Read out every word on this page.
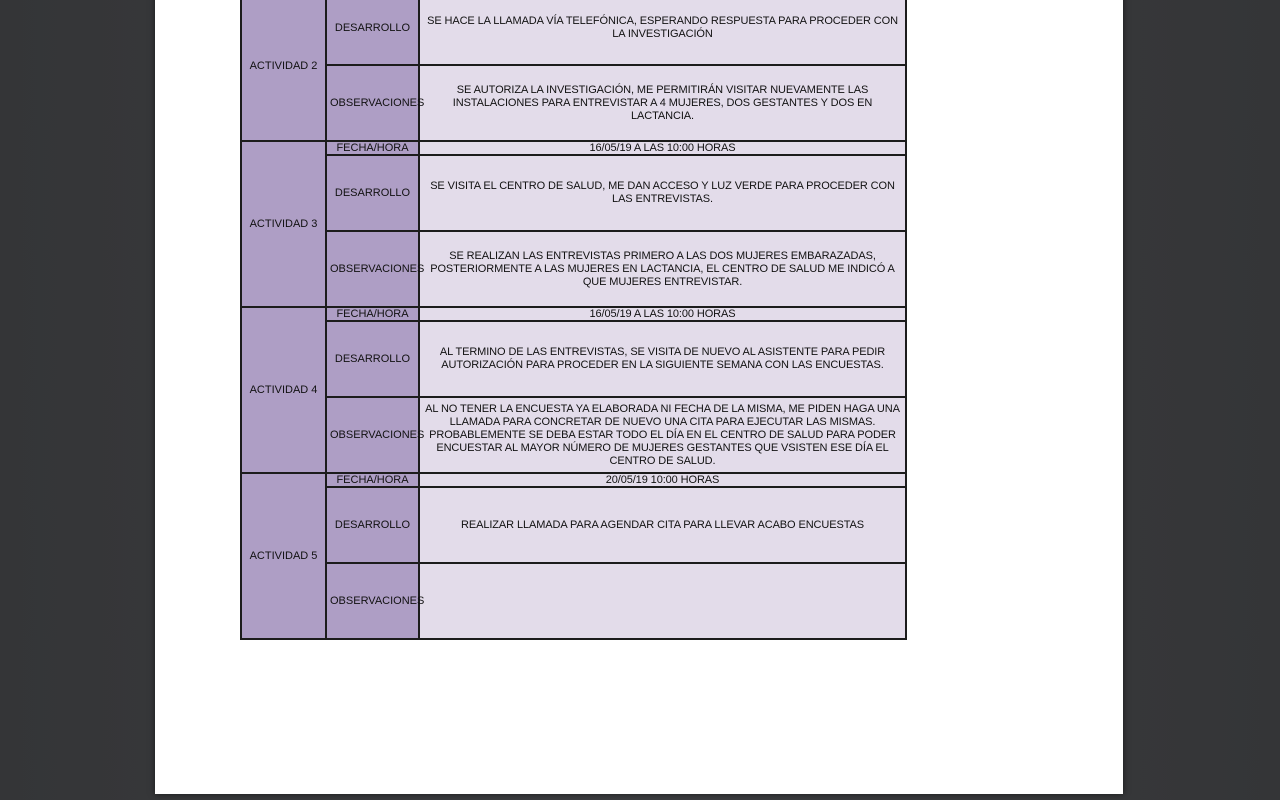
ACTIVIDAD 2	DESARROLLO	SE HACE LA LLAMADA VÍA TELEFÓNICA, ESPERANDO RESPUESTA PARA PROCEDER CON LA INVESTIGACIÓN
	OBSERVACIONES	SE AUTORIZA LA INVESTIGACIÓN, ME PERMITIRÁN VISITAR NUEVAMENTE LAS INSTALACIONES PARA ENTREVISTAR A 4 MUJERES, DOS GESTANTES Y DOS EN LACTANCIA.
ACTIVIDAD 3	FECHA/HORA	16/05/19 A LAS 10:00 HORAS
	DESARROLLO	SE VISITA EL CENTRO DE SALUD, ME DAN ACCESO Y LUZ VERDE PARA PROCEDER CON LAS ENTREVISTAS.
	OBSERVACIONES	SE REALIZAN LAS ENTREVISTAS PRIMERO A LAS DOS MUJERES EMBARAZADAS, POSTERIORMENTE A LAS MUJERES EN LACTANCIA, EL CENTRO DE SALUD ME INDICÓ A QUE MUJERES ENTREVISTAR.
ACTIVIDAD 4	FECHA/HORA	16/05/19 A LAS 10:00 HORAS
	DESARROLLO	AL TERMINO DE LAS ENTREVISTAS, SE VISITA DE NUEVO AL ASISTENTE PARA PEDIR AUTORIZACIÓN PARA PROCEDER EN LA SIGUIENTE SEMANA CON LAS ENCUESTAS.
	OBSERVACIONES	AL NO TENER LA ENCUESTA YA ELABORADA NI FECHA DE LA MISMA, ME PIDEN HAGA UNA LLAMADA PARA CONCRETAR DE NUEVO UNA CITA PARA EJECUTAR LAS MISMAS. PROBABLEMENTE SE DEBA ESTAR TODO EL DÍA EN EL CENTRO DE SALUD PARA PODER ENCUESTAR AL MAYOR NÚMERO DE MUJERES GESTANTES QUE VSISTEN ESE DÍA EL CENTRO DE SALUD.
ACTIVIDAD 5	FECHA/HORA	20/05/19 10:00 HORAS
	DESARROLLO	REALIZAR LLAMADA PARA AGENDAR CITA PARA LLEVAR ACABO ENCUESTAS
	OBSERVACIONES	
